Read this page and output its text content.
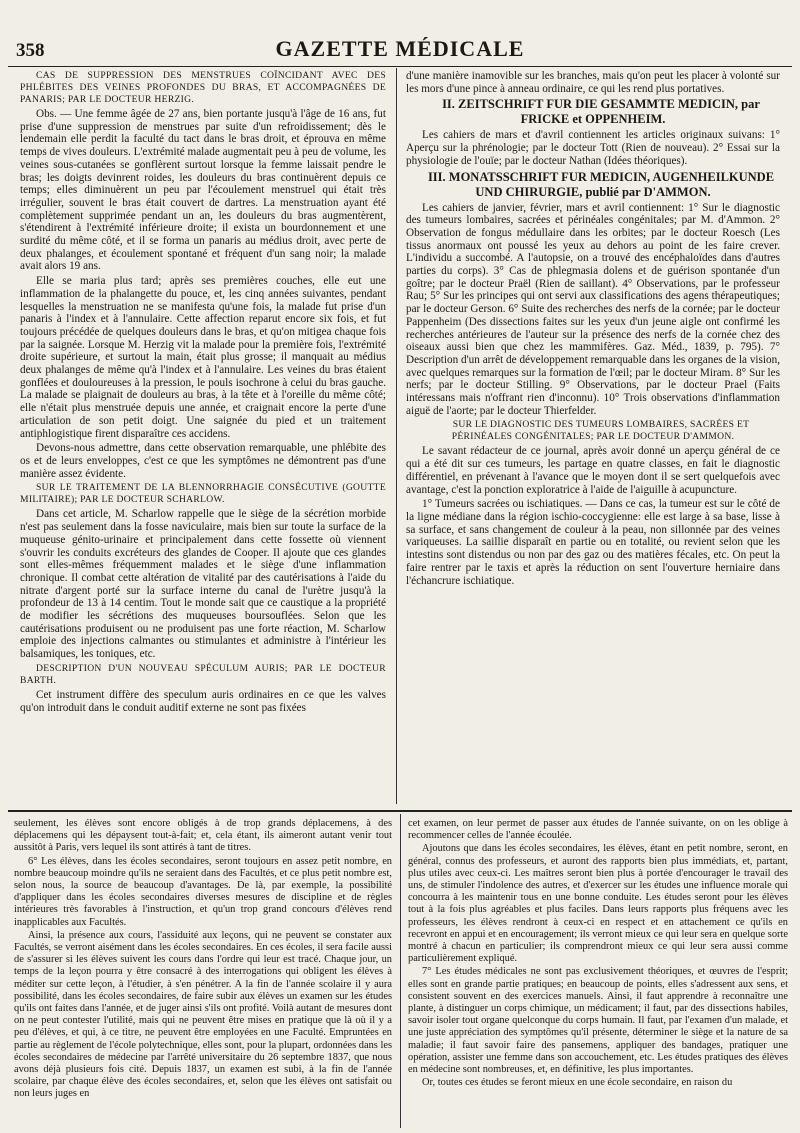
358	GAZETTE MÉDICALE

CAS DE SUPPRESSION DES MENSTRUES COÏNCIDANT AVEC DES PHLÉBITES DES VEINES PROFONDES DU BRAS, ET ACCOMPAGNÉES DE PANARIS; PAR LE DOCTEUR HERZIG.

Obs. — Une femme âgée de 27 ans, bien portante jusqu'à l'âge de 16 ans, fut prise d'une suppression de menstrues par suite d'un refroidissement; dès le lendemain elle perdit la faculté du tact dans le bras droit, et éprouva en même temps de vives douleurs. L'extrémité malade augmentait peu à peu de volume, les veines sous-cutanées se gonflèrent surtout lorsque la femme laissait pendre le bras; les doigts devinrent roides, les douleurs du bras continuèrent depuis ce temps; elles diminuèrent un peu par l'écoulement menstruel qui était très irrégulier, souvent le bras était couvert de dartres. La menstruation ayant été complètement supprimée pendant un an, les douleurs du bras augmentèrent, s'étendirent à l'extrémité inférieure droite; il exista un bourdonnement et une surdité du même côté, et il se forma un panaris au médius droit, avec perte de deux phalanges, et écoulement spontané et fréquent d'un sang noir; la malade avait alors 19 ans.

Elle se maria plus tard; après ses premières couches, elle eut une inflammation de la phalangette du pouce, et, les cinq années suivantes, pendant lesquelles la menstruation ne se manifesta qu'une fois, la malade fut prise d'un panaris à l'index et à l'annulaire. Cette affection reparut encore six fois, et fut toujours précédée de quelques douleurs dans le bras, et qu'on mitigea chaque fois par la saignée. Lorsque M. Herzig vit la malade pour la première fois, l'extrémité droite supérieure, et surtout la main, était plus grosse; il manquait au médius deux phalanges de même qu'à l'index et à l'annulaire. Les veines du bras étaient gonflées et douloureuses à la pression, le pouls isochrone à celui du bras gauche. La malade se plaignait de douleurs au bras, à la tête et à l'oreille du même côté; elle n'était plus menstruée depuis une année, et craignait encore la perte d'une articulation de son petit doigt. Une saignée du pied et un traitement antiphlogistique firent disparaître ces accidens.

Devons-nous admettre, dans cette observation remarquable, une phlébite des os et de leurs enveloppes, c'est ce que les symptômes ne démontrent pas d'une manière assez évidente.

SUR LE TRAITEMENT DE LA BLENNORRHAGIE CONSÉCUTIVE (GOUTTE MILITAIRE); PAR LE DOCTEUR SCHARLOW.

Dans cet article, M. Scharlow rappelle que le siège de la sécrétion morbide n'est pas seulement dans la fosse naviculaire, mais bien sur toute la surface de la muqueuse génito-urinaire et principalement dans cette fossette où viennent s'ouvrir les conduits excréteurs des glandes de Cooper. Il ajoute que ces glandes sont elles-mêmes fréquemment malades et le siège d'une inflammation chronique. Il combat cette altération de vitalité par des cautérisations à l'aide du nitrate d'argent porté sur la surface interne du canal de l'urètre jusqu'à la profondeur de 13 à 14 centim. Tout le monde sait que ce caustique a la propriété de modifier les sécrétions des muqueuses boursouflées. Selon que les cautérisations produisent ou ne produisent pas une forte réaction, M. Scharlow emploie des injections calmantes ou stimulantes et administre à l'intérieur les balsamiques, les toniques, etc.

DESCRIPTION D'UN NOUVEAU SPÉCULUM AURIS; PAR LE DOCTEUR BARTH.

Cet instrument diffère des speculum auris ordinaires en ce que les valves qu'on introduit dans le conduit auditif externe ne sont pas fixées

d'une manière inamovible sur les branches, mais qu'on peut les placer à volonté sur les mors d'une pince à anneau ordinaire, ce qui les rend plus portatives.

II. ZEITSCHRIFT FUR DIE GESAMMTE MEDICIN, par FRICKE et OPPENHEIM.

Les cahiers de mars et d'avril contiennent les articles originaux suivans: 1° Aperçu sur la phrénologie; par le docteur Tott (Rien de nouveau). 2° Essai sur la physiologie de l'ouïe; par le docteur Nathan (Idées théoriques).

III. MONATSSCHRIFT FUR MEDICIN, AUGENHEILKUNDE UND CHIRURGIE, publié par D'AMMON.

Les cahiers de janvier, février, mars et avril contiennent: 1° Sur le diagnostic des tumeurs lombaires, sacrées et périnéales congénitales; par M. d'Ammon. 2° Observation de fongus médullaire dans les orbites; par le docteur Roesch (Les tissus anormaux ont poussé les yeux au dehors au point de les faire crever. L'individu a succombé. A l'autopsie, on a trouvé des encéphaloïdes dans d'autres parties du corps). 3° Cas de phlegmasia dolens et de guérison spontanée d'un goître; par le docteur Praël (Rien de saillant). 4° Observations, par le professeur Rau; 5° Sur les principes qui ont servi aux classifications des agens thérapeutiques; par le docteur Gerson. 6° Suite des recherches des nerfs de la cornée; par le docteur Pappenheim (Des dissections faites sur les yeux d'un jeune aigle ont confirmé les recherches antérieures de l'auteur sur la présence des nerfs de la cornée chez des oiseaux aussi bien que chez les mammifères. Gaz. Méd., 1839, p. 795). 7° Description d'un arrêt de développement remarquable dans les organes de la vision, avec quelques remarques sur la formation de l'œil; par le docteur Miram. 8° Sur les nerfs; par le docteur Stilling. 9° Observations, par le docteur Prael (Faits intéressans mais n'offrant rien d'inconnu). 10° Trois observations d'inflammation aiguë de l'aorte; par le docteur Thierfelder.

SUR LE DIAGNOSTIC DES TUMEURS LOMBAIRES, SACRÉES ET PÉRINÉALES CONGÉNITALES; PAR LE DOCTEUR D'AMMON.

Le savant rédacteur de ce journal, après avoir donné un aperçu général de ce qui a été dit sur ces tumeurs, les partage en quatre classes, en fait le diagnostic différentiel, en prévenant à l'avance que le moyen dont il se sert quelquefois avec avantage, c'est la ponction exploratrice à l'aide de l'aiguille à acupuncture.

1° Tumeurs sacrées ou ischiatiques. — Dans ce cas, la tumeur est sur le côté de la ligne médiane dans la région ischio-coccygienne: elle est large à sa base, lisse à sa surface, et sans changement de couleur à la peau, non sillonnée par des veines variqueuses. La saillie disparaît en partie ou en totalité, ou revient selon que les intestins sont distendus ou non par des gaz ou des matières fécales, etc. On peut la faire rentrer par le taxis et après la réduction on sent l'ouverture herniaire dans l'échancrure ischiatique.

seulement, les élèves sont encore obligés à de trop grands déplacemens, à des déplacemens qui les dépaysent tout-à-fait; et, cela étant, ils aimeront autant venir tout aussitôt à Paris, vers lequel ils sont attirés à tant de titres.

6° Les élèves, dans les écoles secondaires, seront toujours en assez petit nombre, en nombre beaucoup moindre qu'ils ne seraient dans des Facultés, et ce plus petit nombre est, selon nous, la source de beaucoup d'avantages. De là, par exemple, la possibilité d'appliquer dans les écoles secondaires diverses mesures de discipline et de règles intérieures très favorables à l'instruction, et qu'un trop grand concours d'élèves rend inapplicables aux Facultés.

Ainsi, la présence aux cours, l'assiduité aux leçons, qui ne peuvent se constater aux Facultés, se verront aisément dans les écoles secondaires. En ces écoles, il sera facile aussi de s'assurer si les élèves suivent les cours dans l'ordre qui leur est tracé. Chaque jour, un temps de la leçon pourra y être consacré à des interrogations qui obligent les élèves à méditer sur cette leçon, à l'étudier, à s'en pénétrer. A la fin de l'année scolaire il y aura possibilité, dans les écoles secondaires, de faire subir aux élèves un examen sur les études qu'ils ont faites dans l'année, et de juger ainsi s'ils ont profité. Voilà autant de mesures dont on ne peut contester l'utilité, mais qui ne peuvent être mises en pratique que là où il y a peu d'élèves, et qui, à ce titre, ne peuvent être employées en une Faculté. Empruntées en partie au règlement de l'école polytechnique, elles sont, pour la plupart, ordonnées dans les écoles secondaires de médecine par l'arrêté universitaire du 26 septembre 1837, que nous avons déjà plusieurs fois cité. Depuis 1837, un examen est subi, à la fin de l'année scolaire, par chaque élève des écoles secondaires, et, selon que les élèves ont satisfait ou non leurs juges en

cet examen, on leur permet de passer aux études de l'année suivante, on on les oblige à recommencer celles de l'année écoulée.

Ajoutons que dans les écoles secondaires, les élèves, étant en petit nombre, seront, en général, connus des professeurs, et auront des rapports bien plus immédiats, et, partant, plus utiles avec ceux-ci. Les maîtres seront bien plus à portée d'encourager le travail des uns, de stimuler l'indolence des autres, et d'exercer sur les études une influence morale qui concourra à les maintenir tous en une bonne conduite. Les études seront pour les élèves tout à la fois plus agréables et plus faciles. Dans leurs rapports plus fréquens avec les professeurs, les élèves rendront à ceux-ci en respect et en attachement ce qu'ils en recevront en appui et en encouragement; ils verront mieux ce qui leur sera en quelque sorte montré à chacun en particulier; ils comprendront mieux ce qui leur sera aussi comme particulièrement expliqué.

7° Les études médicales ne sont pas exclusivement théoriques, et œuvres de l'esprit; elles sont en grande partie pratiques; en beaucoup de points, elles s'adressent aux sens, et consistent souvent en des exercices manuels. Ainsi, il faut apprendre à reconnaître une plante, à distinguer un corps chimique, un médicament; il faut, par des dissections habiles, savoir isoler tout organe quelconque du corps humain. Il faut, par l'examen d'un malade, et une juste appréciation des symptômes qu'il présente, déterminer le siège et la nature de sa maladie; il faut savoir faire des pansemens, appliquer des bandages, pratiquer une opération, assister une femme dans son accouchement, etc. Les études pratiques des élèves en médecine sont nombreuses, et, en définitive, les plus importantes.

Or, toutes ces études se feront mieux en une école secondaire, en raison du
